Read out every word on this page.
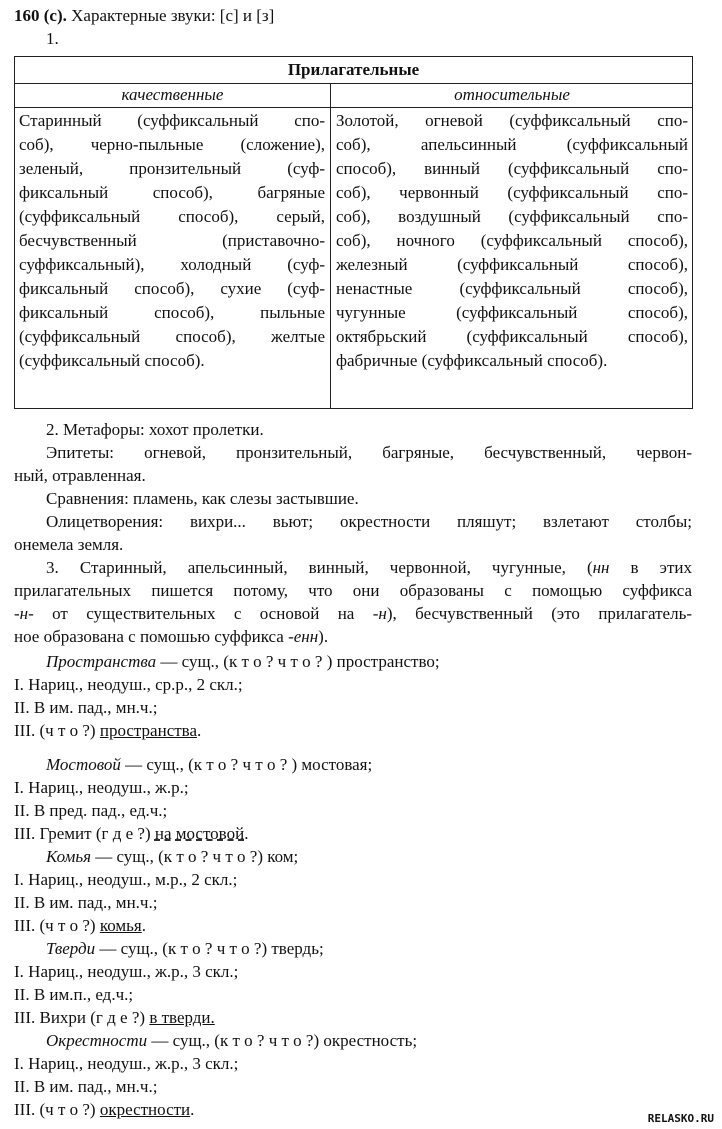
160 (с). Характерные звуки: [с] и [з]
1.
Прилагательные
качественные	относительные
Старинный (суффиксальный спо-
соб), черно-пыльные (сложение),
зеленый, пронзительный (суф-
фиксальный способ), багряные
(суффиксальный способ), серый,
бесчувственный (приставочно-
суффиксальный), холодный (суф-
фиксальный способ), сухие (суф-
фиксальный способ), пыльные
(суффиксальный способ), желтые
(суффиксальный способ).
Золотой, огневой (суффиксальный спо-
соб), апельсинный (суффиксальный
способ), винный (суффиксальный спо-
соб), червонный (суффиксальный спо-
соб), воздушный (суффиксальный спо-
соб), ночного (суффиксальный способ),
железный (суффиксальный способ),
ненастные (суффиксальный способ),
чугунные (суффиксальный способ),
октябрьский (суффиксальный способ),
фабричные (суффиксальный способ).
2. Метафоры: хохот пролетки.
Эпитеты: огневой, пронзительный, багряные, бесчувственный, червон-
ный, отравленная.
Сравнения: пламень, как слезы застывшие.
Олицетворения: вихри... вьют; окрестности пляшут; взлетают столбы;
онемела земля.
3. Старинный, апельсинный, винный, червонной, чугунные, (нн в этих
прилагательных пишется потому, что они образованы с помощью суффикса
-н- от существительных с основой на -н), бесчувственный (это прилагатель-
ное образована с помошью суффикса -енн).
Пространства — сущ., (к т о ? ч т о ? ) пространство;
I. Нариц., неодуш., ср.р., 2 скл.;
II. В им. пад., мн.ч.;
III. (ч т о ?) пространства.
Мостовой — сущ., (к т о ? ч т о ? ) мостовая;
I. Нариц., неодуш., ж.р.;
II. В пред. пад., ед.ч.;
III. Гремит (г д е ?) на мостовой.
Комья — сущ., (к т о ? ч т о ?) ком;
I. Нариц., неодуш., м.р., 2 скл.;
II. В им. пад., мн.ч.;
III. (ч т о ?) комья.
Тверди — сущ., (к т о ? ч т о ?) твердь;
I. Нариц., неодуш., ж.р., 3 скл.;
II. В им.п., ед.ч.;
III. Вихри (г д е ?) в тверди.
Окрестности — сущ., (к т о ? ч т о ?) окрестность;
I. Нариц., неодуш., ж.р., 3 скл.;
II. В им. пад., мн.ч.;
III. (ч т о ?) окрестности.	RELASKO.RU
